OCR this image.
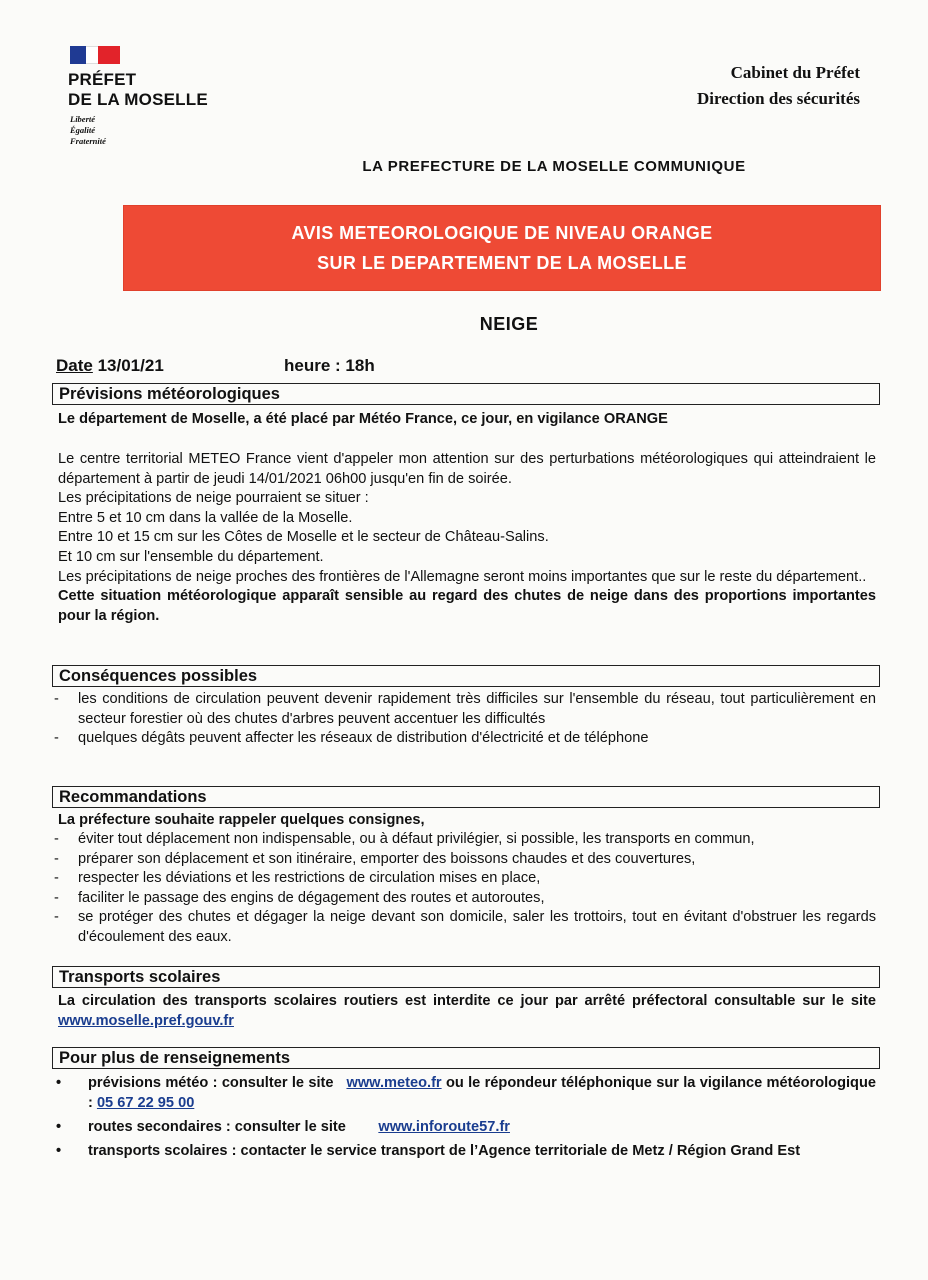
PRÉFET
DE LA MOSELLE
Liberté
Égalité
Fraternité
Cabinet du Préfet
Direction des sécurités
LA PREFECTURE DE LA MOSELLE COMMUNIQUE
AVIS METEOROLOGIQUE DE NIVEAU ORANGE
SUR LE DEPARTEMENT DE LA MOSELLE
NEIGE
Date 13/01/21	heure : 18h
Prévisions météorologiques
Le département de Moselle, a été placé par Météo France, ce jour, en vigilance ORANGE
Le centre territorial METEO France vient d'appeler mon attention sur des perturbations météorologiques qui atteindraient le département à partir de jeudi 14/01/2021 06h00 jusqu'en fin de soirée.
Les précipitations de neige pourraient se situer :
Entre 5 et 10 cm dans la vallée de la Moselle.
Entre 10 et 15 cm sur les Côtes de Moselle et le secteur de Château-Salins.
Et 10 cm sur l'ensemble du département.
Les précipitations de neige proches des frontières de l'Allemagne seront moins importantes que sur le reste du département..
Cette situation météorologique apparaît sensible au regard des chutes de neige dans des proportions importantes pour la région.
Conséquences possibles
-	les conditions de circulation peuvent devenir rapidement très difficiles sur l'ensemble du réseau, tout particulièrement en secteur forestier où des chutes d'arbres peuvent accentuer les difficultés
-	quelques dégâts peuvent affecter les réseaux de distribution d'électricité et de téléphone
Recommandations
La préfecture souhaite rappeler quelques consignes,
-	éviter tout déplacement non indispensable, ou à défaut privilégier, si possible, les transports en commun,
-	préparer son déplacement et son itinéraire, emporter des boissons chaudes et des couvertures,
-	respecter les déviations et les restrictions de circulation mises en place,
-	faciliter le passage des engins de dégagement des routes et autoroutes,
-	se protéger des chutes et dégager la neige devant son domicile, saler les trottoirs, tout en évitant d'obstruer les regards d'écoulement des eaux.
Transports scolaires
La circulation des transports scolaires routiers est interdite ce jour par arrêté préfectoral consultable sur le site www.moselle.pref.gouv.fr
Pour plus de renseignements
•	prévisions météo : consulter le site www.meteo.fr ou le répondeur téléphonique sur la vigilance météorologique : 05 67 22 95 00
•	routes secondaires : consulter le site www.inforoute57.fr
•	transports scolaires : contacter le service transport de l’Agence territoriale de Metz / Région Grand Est
